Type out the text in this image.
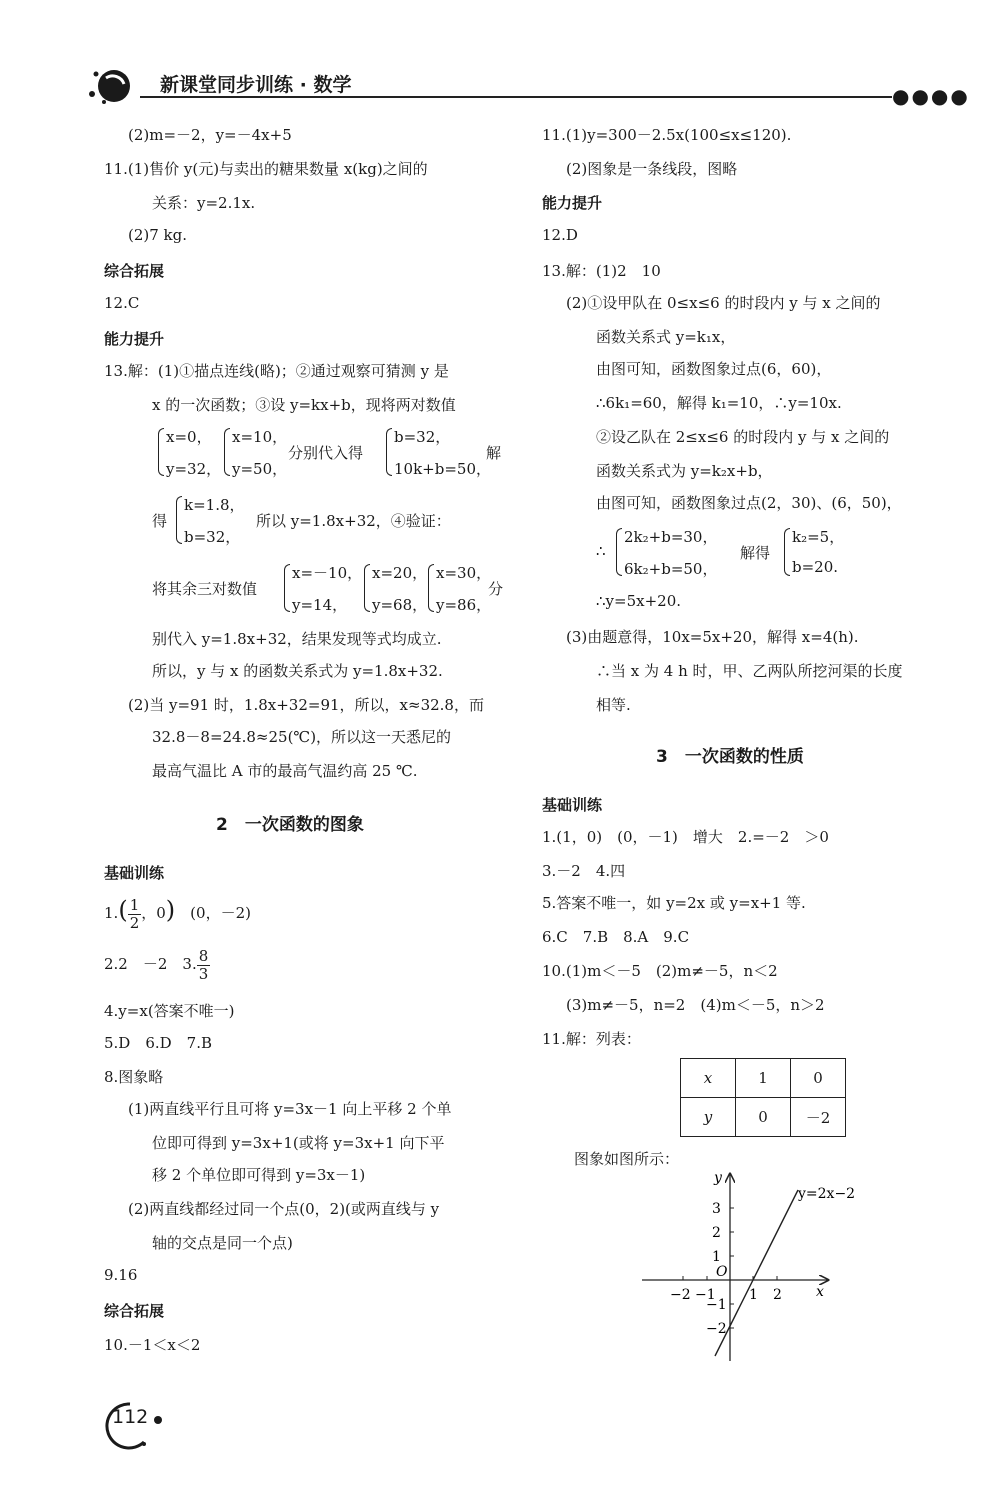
新课堂同步训练 · 数学	●●●●
(2)m=－2，y=－4x+5
11.(1)售价 y(元)与卖出的糖果数量 x(kg)之间的
关系：y=2.1x.
(2)7 kg.
综合拓展
12.C
能力提升
13.解：(1)①描点连线(略)；②通过观察可猜测 y 是
x 的一次函数；③设 y=kx+b，现将两对数值
x=0，
y=32，
x=10，
y=50，
分别代入得
b=32，
10k+b=50，
解
得
k=1.8，
b=32，
所以 y=1.8x+32，④验证：
将其余三对数值
x=－10，
y=14，
x=20，
y=68，
x=30，
y=86，
分
别代入 y=1.8x+32，结果发现等式均成立.
所以，y 与 x 的函数关系式为 y=1.8x+32.
(2)当 y=91 时，1.8x+32=91，所以，x≈32.8，而
32.8－8=24.8≈25(℃)，所以这一天悉尼的
最高气温比 A 市的最高气温约高 25 ℃.
2　一次函数的图象
基础训练
$1.( \frac{1}{2}$ ，0)　 (0，－2)
2.2　－2　3. $\frac{8}{3}$
4.y=x(答案不唯一)
5.D　6.D　7.B
8.图象略
(1)两直线平行且可将 y=3x－1 向上平移 2 个单
位即可得到 y=3x+1(或将 y=3x+1 向下平
移 2 个单位即可得到 y=3x－1)
(2)两直线都经过同一个点(0，2)(或两直线与 y
轴的交点是同一个点)
9.16
综合拓展
10.－1＜x＜2
11.(1)y=300－2.5x(100≤x≤120).
(2)图象是一条线段，图略
能力提升
12.D
13.解：(1)2　10
(2)①设甲队在 0≤x≤6 的时段内 y 与 x 之间的
函数关系式 y=k₁x，
由图可知，函数图象过点(6，60)，
∴6k₁=60，解得 k₁=10，∴y=10x.
②设乙队在 2≤x≤6 的时段内 y 与 x 之间的
函数关系式为 y=k₂x+b，
由图可知，函数图象过点(2，30)、(6，50)，
∴
2k₂+b=30，
6k₂+b=50，
解得
k₂=5，
b=20.
∴y=5x+20.
(3)由题意得，10x=5x+20，解得 x=4(h).
∴当 x 为 4 h 时，甲、乙两队所挖河渠的长度
相等.
3　一次函数的性质
基础训练
1.(1，0)　(0，－1)　增大　2.=－2　＞0
3.－2　4.四
5.答案不唯一，如 y=2x 或 y=x+1 等.
6.C　7.B　8.A　9.C
10.(1)m＜－5　(2)m≠－5，n＜2
(3)m≠－5，n=2　(4)m＜－5，n＞2
11.解：列表：
x	1	0
y	0	－2
图象如图所示：
y=2x−2
x
y
O
−2 −1 1 2
3
2
1
−1
−2
112
